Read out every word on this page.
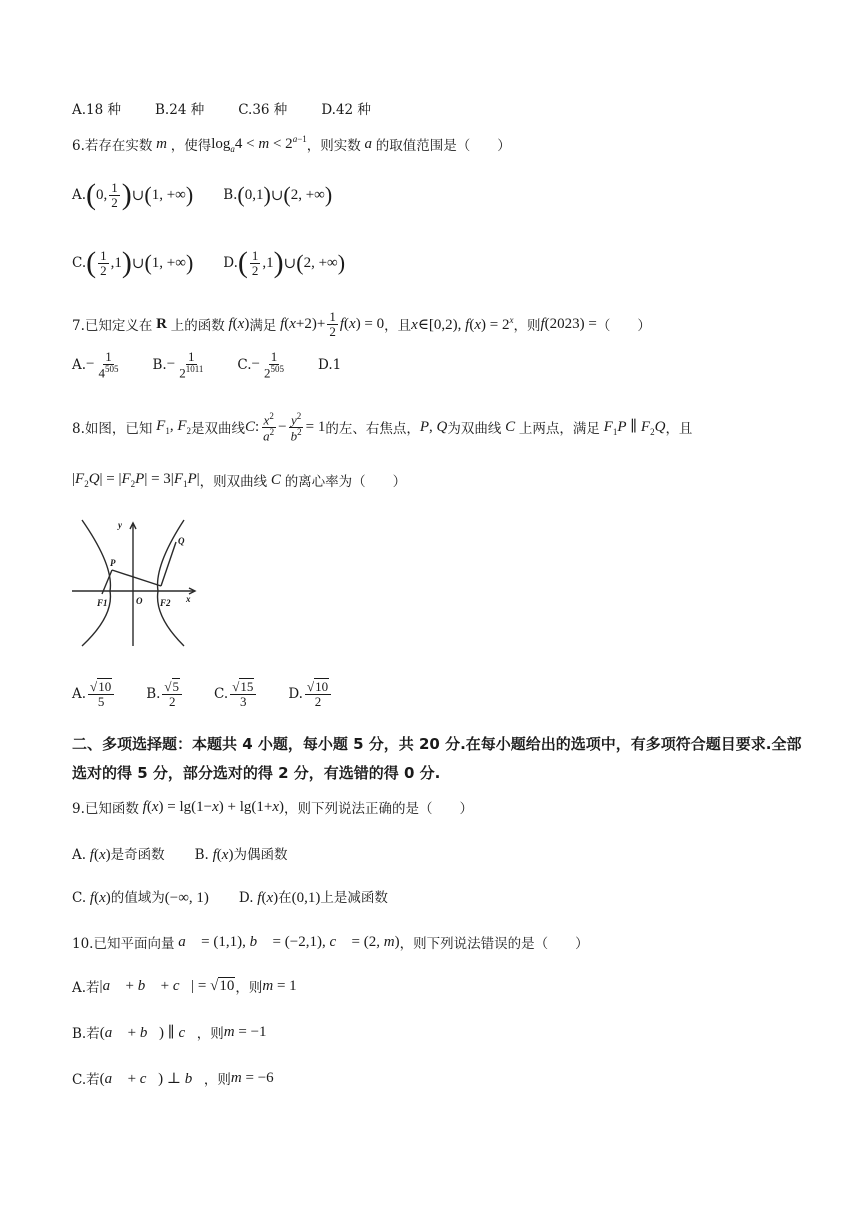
A.18 种	B.24 种	C.36 种	D.42 种
6.若存在实数 m ，使得 $\log_a4 < m < 2^{a-1}$ ，则实数 a 的取值范围是（　　）
A. ( 0, $\frac{1}{2}$ ) ∪ ( 1, +∞ ) B. ( 0,1 ) ∪ ( 2, +∞ )
C. ( $\frac{1}{2} ,1$ ) ∪ ( 1, +∞ ) D. ( $\frac{1}{2} ,1$ ) ∪ ( 2, +∞ )
7.已知定义在 R 上的函数 f(x) 满足 $f(x+2)+ \frac{1}{2} f(x) = 0$ ，且 x∈[0,2), $f(x) = 2^x$ ，则 f(2023) = （　　）
A. − $\frac{1}{4^{505}} B$. − $\frac{1}{2^{1011}} C$. − $\frac{1}{2^{505}} D.1$
8.如图，已知 $F_1$, $F_2$ 是双曲线 C: $\frac{x^2}{a^2} - \frac{y^2}{b^2} = 1$ 的左、右焦点， P, Q 为双曲线 C 上两点，满足 $F_1P$ ∥ $F_2Q$ ，且
$|F_2Q| = |F_2P| = 3|F_1P|$ ，则双曲线 C 的离心率为（　　）
y
x
O
P
Q
F1	F2
A. $\frac{√10}{5} B$. $\frac{√5}{2} C$. $\frac{√15}{3} D$. $\frac{√10}{2}$
二、多项选择题：本题共 4 小题，每小题 5 分，共 20 分.在每小题给出的选项中，有多项符合题目要求.全部选对的得 5 分，部分选对的得 2 分，有选错的得 0 分.
9.已知函数 f(x) = lg(1−x) + lg(1+x) ，则下列说法正确的是（　　）
A. f(x)是奇函数 B. f(x)为偶函数
C. f(x)的值域为(−∞, 1) D. f(x)在(0,1)上是减函数
10.已知平面向量 a⃗ = (1,1), b⃗ = (−2,1), c⃗ = (2, m) ，则下列说法错误的是（　　）
A.若 |a⃗ + b⃗ + c⃗| = √10 ，则 m = 1
B.若 (a⃗ + b⃗) ∥ c⃗ ，则 m = −1
C.若 (a⃗ + c⃗) ⊥ b⃗ ，则 m = −6
